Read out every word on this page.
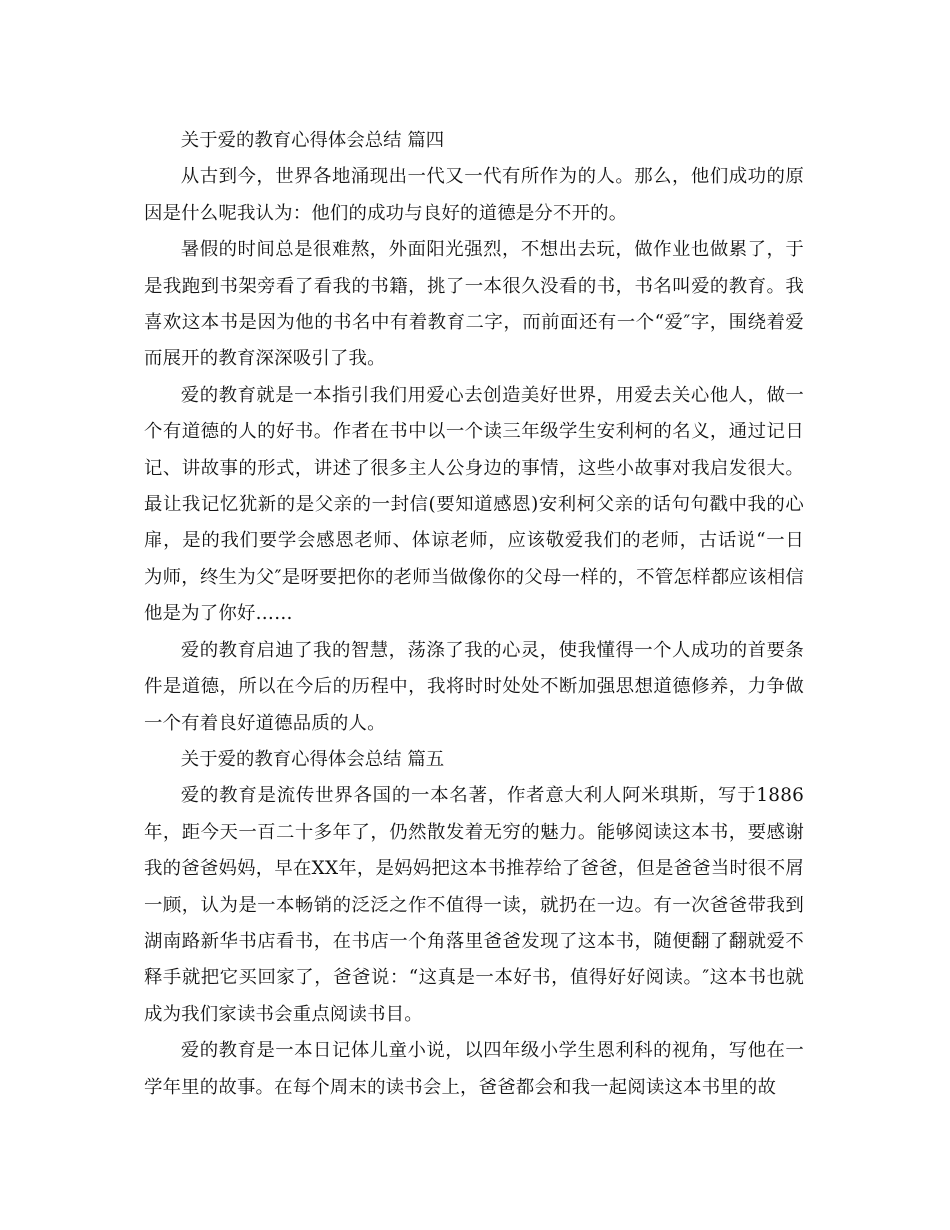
关于爱的教育心得体会总结 篇四

从古到今，世界各地涌现出一代又一代有所作为的人。那么，他们成功的原因是什么呢我认为：他们的成功与良好的道德是分不开的。

暑假的时间总是很难熬，外面阳光强烈，不想出去玩，做作业也做累了，于是我跑到书架旁看了看我的书籍，挑了一本很久没看的书，书名叫爱的教育。我喜欢这本书是因为他的书名中有着教育二字，而前面还有一个“爱″字，围绕着爱而展开的教育深深吸引了我。

爱的教育就是一本指引我们用爱心去创造美好世界，用爱去关心他人，做一个有道德的人的好书。作者在书中以一个读三年级学生安利柯的名义，通过记日记、讲故事的形式，讲述了很多主人公身边的事情，这些小故事对我启发很大。最让我记忆犹新的是父亲的一封信(要知道感恩)安利柯父亲的话句句戳中我的心扉，是的我们要学会感恩老师、体谅老师，应该敬爱我们的老师，古话说“一日为师，终生为父″是呀要把你的老师当做像你的父母一样的，不管怎样都应该相信他是为了你好……

爱的教育启迪了我的智慧，荡涤了我的心灵，使我懂得一个人成功的首要条件是道德，所以在今后的历程中，我将时时处处不断加强思想道德修养，力争做一个有着良好道德品质的人。

关于爱的教育心得体会总结 篇五

爱的教育是流传世界各国的一本名著，作者意大利人阿米琪斯，写于1886年，距今天一百二十多年了，仍然散发着无穷的魅力。能够阅读这本书，要感谢我的爸爸妈妈，早在XX年，是妈妈把这本书推荐给了爸爸，但是爸爸当时很不屑一顾，认为是一本畅销的泛泛之作不值得一读，就扔在一边。有一次爸爸带我到湖南路新华书店看书，在书店一个角落里爸爸发现了这本书，随便翻了翻就爱不释手就把它买回家了，爸爸说：“这真是一本好书，值得好好阅读。″这本书也就成为我们家读书会重点阅读书目。

爱的教育是一本日记体儿童小说，以四年级小学生恩利科的视角，写他在一学年里的故事。在每个周末的读书会上，爸爸都会和我一起阅读这本书里的故
